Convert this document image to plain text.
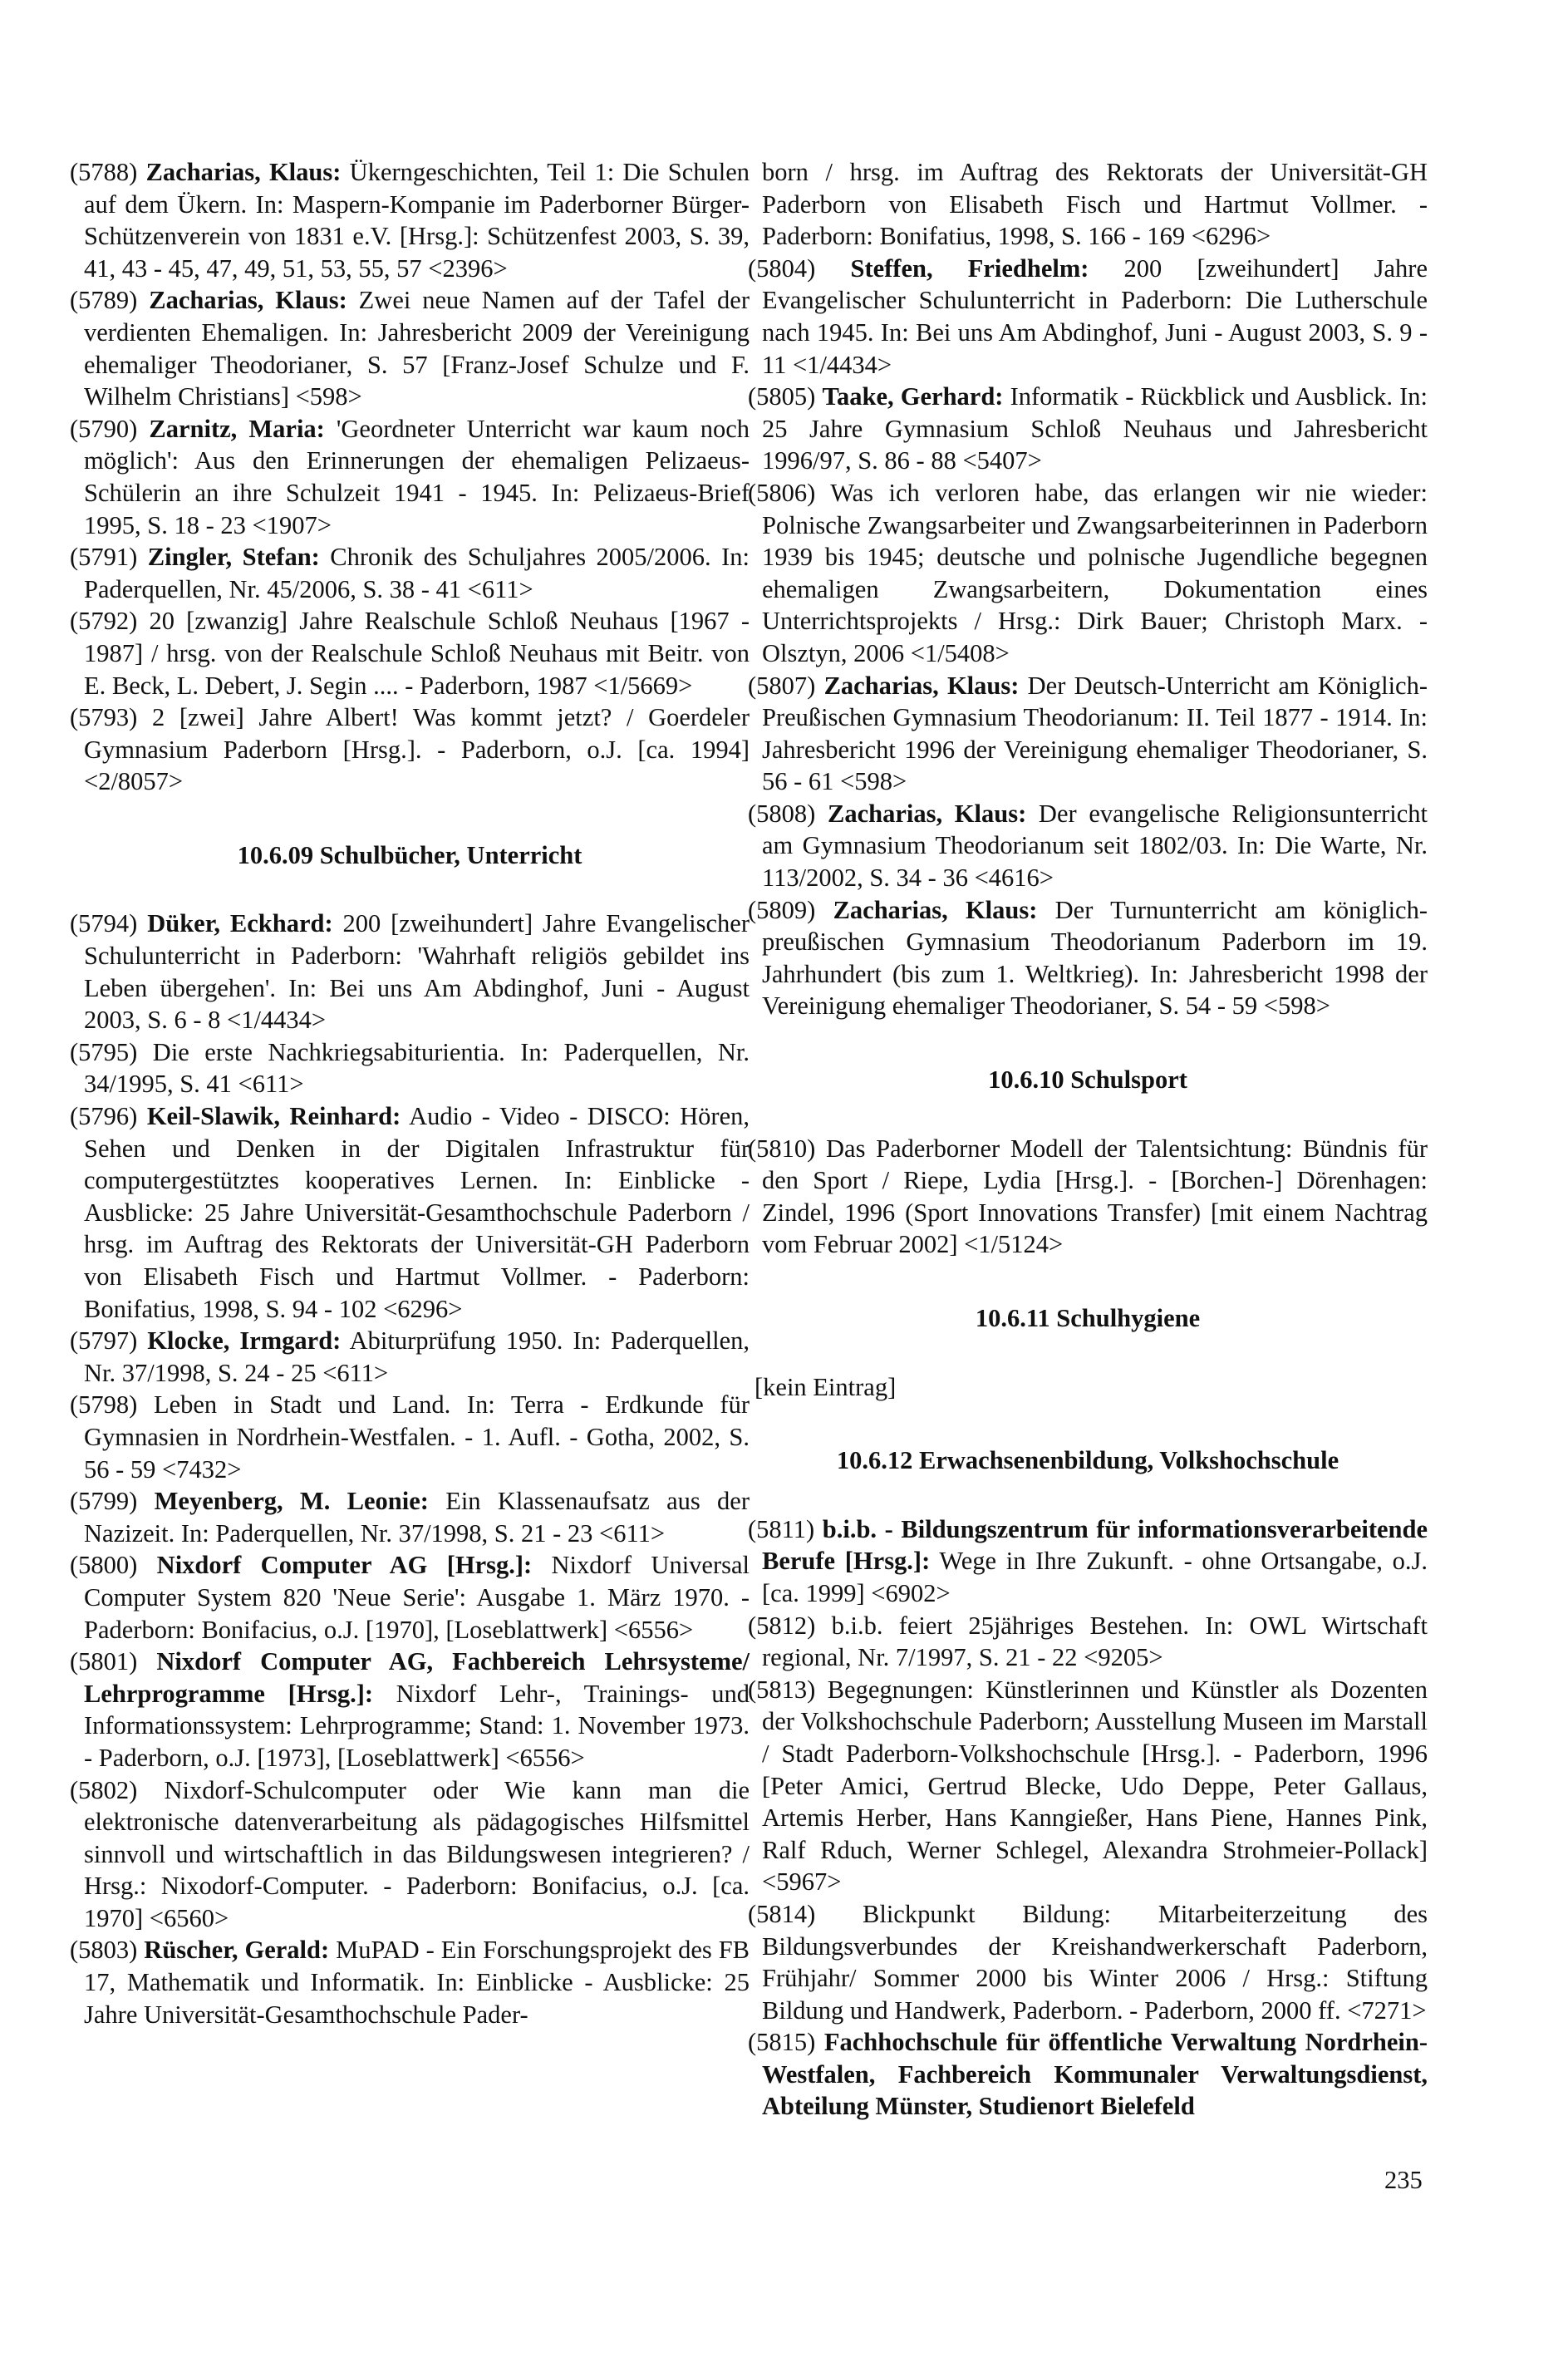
(5788) Zacharias, Klaus: Ükerngeschichten, Teil 1: Die Schulen auf dem Ükern. In: Maspern-Kompanie im Paderborner Bürger-Schützenverein von 1831 e.V. [Hrsg.]: Schützenfest 2003, S. 39, 41, 43 - 45, 47, 49, 51, 53, 55, 57 <2396>

(5789) Zacharias, Klaus: Zwei neue Namen auf der Tafel der verdienten Ehemaligen. In: Jahresbericht 2009 der Vereinigung ehemaliger Theodorianer, S. 57 [Franz-Josef Schulze und F. Wilhelm Christians] <598>

(5790) Zarnitz, Maria: 'Geordneter Unterricht war kaum noch möglich': Aus den Erinnerungen der ehemaligen Pelizaeus-Schülerin an ihre Schulzeit 1941 - 1945. In: Pelizaeus-Brief 1995, S. 18 - 23 <1907>

(5791) Zingler, Stefan: Chronik des Schuljahres 2005/2006. In: Paderquellen, Nr. 45/2006, S. 38 - 41 <611>

(5792) 20 [zwanzig] Jahre Realschule Schloß Neuhaus [1967 - 1987] / hrsg. von der Realschule Schloß Neuhaus mit Beitr. von E. Beck, L. Debert, J. Segin .... - Paderborn, 1987 <1/5669>

(5793) 2 [zwei] Jahre Albert! Was kommt jetzt? / Goerdeler Gymnasium Paderborn [Hrsg.]. - Paderborn, o.J. [ca. 1994] <2/8057>

10.6.09 Schulbücher, Unterricht

(5794) Düker, Eckhard: 200 [zweihundert] Jahre Evangelischer Schulunterricht in Paderborn: 'Wahrhaft religiös gebildet ins Leben übergehen'. In: Bei uns Am Abdinghof, Juni - August 2003, S. 6 - 8 <1/4434>

(5795) Die erste Nachkriegsabiturientia. In: Paderquellen, Nr. 34/1995, S. 41 <611>

(5796) Keil-Slawik, Reinhard: Audio - Video - DISCO: Hören, Sehen und Denken in der Digitalen Infrastruktur für computergestütztes kooperatives Lernen. In: Einblicke - Ausblicke: 25 Jahre Universität-Gesamthochschule Paderborn / hrsg. im Auftrag des Rektorats der Universität-GH Paderborn von Elisabeth Fisch und Hartmut Vollmer. - Paderborn: Bonifatius, 1998, S. 94 - 102 <6296>

(5797) Klocke, Irmgard: Abiturprüfung 1950. In: Paderquellen, Nr. 37/1998, S. 24 - 25 <611>

(5798) Leben in Stadt und Land. In: Terra - Erdkunde für Gymnasien in Nordrhein-Westfalen. - 1. Aufl. - Gotha, 2002, S. 56 - 59 <7432>

(5799) Meyenberg, M. Leonie: Ein Klassenaufsatz aus der Nazizeit. In: Paderquellen, Nr. 37/1998, S. 21 - 23 <611>

(5800) Nixdorf Computer AG [Hrsg.]: Nixdorf Universal Computer System 820 'Neue Serie': Ausgabe 1. März 1970. - Paderborn: Bonifacius, o.J. [1970], [Loseblattwerk] <6556>

(5801) Nixdorf Computer AG, Fachbereich Lehrsysteme/ Lehrprogramme [Hrsg.]: Nixdorf Lehr-, Trainings- und Informationssystem: Lehrprogramme; Stand: 1. November 1973. - Paderborn, o.J. [1973], [Loseblattwerk] <6556>

(5802) Nixdorf-Schulcomputer oder Wie kann man die elektronische datenverarbeitung als pädagogisches Hilfsmittel sinnvoll und wirtschaftlich in das Bildungswesen integrieren? / Hrsg.: Nixodorf-Computer. - Paderborn: Bonifacius, o.J. [ca. 1970] <6560>

(5803) Rüscher, Gerald: MuPAD - Ein Forschungsprojekt des FB 17, Mathematik und Informatik. In: Einblicke - Ausblicke: 25 Jahre Universität-Gesamthochschule Pader-

born / hrsg. im Auftrag des Rektorats der Universität-GH Paderborn von Elisabeth Fisch und Hartmut Vollmer. - Paderborn: Bonifatius, 1998, S. 166 - 169 <6296>

(5804) Steffen, Friedhelm: 200 [zweihundert] Jahre Evangelischer Schulunterricht in Paderborn: Die Lutherschule nach 1945. In: Bei uns Am Abdinghof, Juni - August 2003, S. 9 - 11 <1/4434>

(5805) Taake, Gerhard: Informatik - Rückblick und Ausblick. In: 25 Jahre Gymnasium Schloß Neuhaus und Jahresbericht 1996/97, S. 86 - 88 <5407>

(5806) Was ich verloren habe, das erlangen wir nie wieder: Polnische Zwangsarbeiter und Zwangsarbeiterinnen in Paderborn 1939 bis 1945; deutsche und polnische Jugendliche begegnen ehemaligen Zwangsarbeitern, Dokumentation eines Unterrichtsprojekts / Hrsg.: Dirk Bauer; Christoph Marx. - Olsztyn, 2006 <1/5408>

(5807) Zacharias, Klaus: Der Deutsch-Unterricht am Königlich-Preußischen Gymnasium Theodorianum: II. Teil 1877 - 1914. In: Jahresbericht 1996 der Vereinigung ehemaliger Theodorianer, S. 56 - 61 <598>

(5808) Zacharias, Klaus: Der evangelische Religionsunterricht am Gymnasium Theodorianum seit 1802/03. In: Die Warte, Nr. 113/2002, S. 34 - 36 <4616>

(5809) Zacharias, Klaus: Der Turnunterricht am königlich-preußischen Gymnasium Theodorianum Paderborn im 19. Jahrhundert (bis zum 1. Weltkrieg). In: Jahresbericht 1998 der Vereinigung ehemaliger Theodorianer, S. 54 - 59 <598>

10.6.10 Schulsport

(5810) Das Paderborner Modell der Talentsichtung: Bündnis für den Sport / Riepe, Lydia [Hrsg.]. - [Borchen-] Dörenhagen: Zindel, 1996 (Sport Innovations Transfer) [mit einem Nachtrag vom Februar 2002] <1/5124>

10.6.11 Schulhygiene

[kein Eintrag]

10.6.12 Erwachsenenbildung, Volkshochschule

(5811) b.i.b. - Bildungszentrum für informationsverarbeitende Berufe [Hrsg.]: Wege in Ihre Zukunft. - ohne Ortsangabe, o.J. [ca. 1999] <6902>

(5812) b.i.b. feiert 25jähriges Bestehen. In: OWL Wirtschaft regional, Nr. 7/1997, S. 21 - 22 <9205>

(5813) Begegnungen: Künstlerinnen und Künstler als Dozenten der Volkshochschule Paderborn; Ausstellung Museen im Marstall / Stadt Paderborn-Volkshochschule [Hrsg.]. - Paderborn, 1996 [Peter Amici, Gertrud Blecke, Udo Deppe, Peter Gallaus, Artemis Herber, Hans Kanngießer, Hans Piene, Hannes Pink, Ralf Rduch, Werner Schlegel, Alexandra Strohmeier-Pollack] <5967>

(5814) Blickpunkt Bildung: Mitarbeiterzeitung des Bildungsverbundes der Kreishandwerkerschaft Paderborn, Frühjahr/ Sommer 2000 bis Winter 2006 / Hrsg.: Stiftung Bildung und Handwerk, Paderborn. - Paderborn, 2000 ff. <7271>

(5815) Fachhochschule für öffentliche Verwaltung Nordrhein-Westfalen, Fachbereich Kommunaler Verwaltungsdienst, Abteilung Münster, Studienort Bielefeld

235
